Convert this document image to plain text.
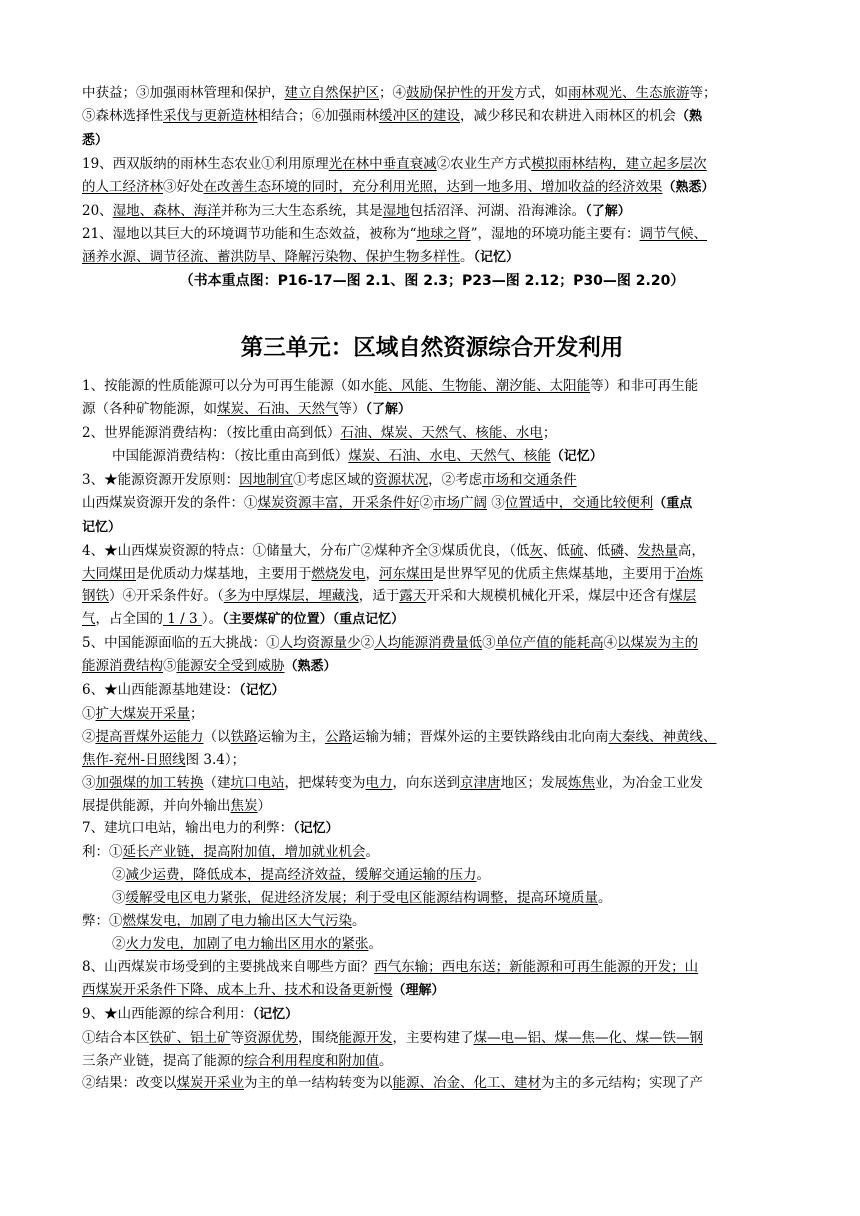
中获益；③加强雨林管理和保护，建立自然保护区；④鼓励保护性的开发方式，如雨林观光、生态旅游等；

⑤森林选择性采伐与更新造林相结合；⑥加强雨林缓冲区的建设，减少移民和农耕进入雨林区的机会（熟

悉）

19、西双版纳的雨林生态农业①利用原理光在林中垂直衰减②农业生产方式模拟雨林结构，建立起多层次

的人工经济林③好处在改善生态环境的同时，充分利用光照，达到一地多用、增加收益的经济效果（熟悉）

20、湿地、森林、海洋并称为三大生态系统，其是湿地包括沼泽、河湖、沿海滩涂。（了解）

21、湿地以其巨大的环境调节功能和生态效益，被称为“地球之肾”，湿地的环境功能主要有：调节气候、

涵养水源、调节径流、蓄洪防旱、降解污染物、保护生物多样性。（记忆）

（书本重点图：P16-17—图 2.1、图 2.3；P23—图 2.12；P30—图 2.20）

第三单元：区域自然资源综合开发利用

1、按能源的性质能源可以分为可再生能源（如水能、风能、生物能、潮汐能、太阳能等）和非可再生能

源（各种矿物能源，如煤炭、石油、天然气等）（了解）

2、世界能源消费结构：（按比重由高到低）石油、煤炭、天然气、核能、水电；

中国能源消费结构：（按比重由高到低）煤炭、石油、水电、天然气、核能（记忆）

3、★能源资源开发原则：因地制宜①考虑区域的资源状况，②考虑市场和交通条件

山西煤炭资源开发的条件：①煤炭资源丰富，开采条件好②市场广阔 ③位置适中，交通比较便利（重点

记忆）

4、★山西煤炭资源的特点：①储量大，分布广②煤种齐全③煤质优良，（低灰、低硫、低磷、发热量高，

大同煤田是优质动力煤基地，主要用于燃烧发电，河东煤田是世界罕见的优质主焦煤基地，主要用于冶炼

钢铁）④开采条件好。（多为中厚煤层，埋藏浅，适于露天开采和大规模机械化开采，煤层中还含有煤层

气，占全国的 1 / 3 ）。（主要煤矿的位置）（重点记忆）

5、中国能源面临的五大挑战：①人均资源量少②人均能源消费量低③单位产值的能耗高④以煤炭为主的

能源消费结构⑤能源安全受到威胁（熟悉）

6、★山西能源基地建设：（记忆）

①扩大煤炭开采量；

②提高晋煤外运能力（以铁路运输为主，公路运输为辅；晋煤外运的主要铁路线由北向南大秦线、神黄线、

焦作-兖州-日照线图 3.4）；

③加强煤的加工转换（建坑口电站，把煤转变为电力，向东送到京津唐地区；发展炼焦业，为冶金工业发

展提供能源，并向外输出焦炭）

7、建坑口电站，输出电力的利弊：（记忆）

利：①延长产业链，提高附加值，增加就业机会。

②减少运费，降低成本，提高经济效益，缓解交通运输的压力。

③缓解受电区电力紧张，促进经济发展；利于受电区能源结构调整，提高环境质量。

弊：①燃煤发电，加剧了电力输出区大气污染。

②火力发电，加剧了电力输出区用水的紧张。

8、山西煤炭市场受到的主要挑战来自哪些方面？西气东输；西电东送；新能源和可再生能源的开发；山

西煤炭开采条件下降、成本上升、技术和设备更新慢（理解）

9、★山西能源的综合利用：（记忆）

①结合本区铁矿、铝土矿等资源优势，围绕能源开发，主要构建了煤—电—铝、煤—焦—化、煤—铁—钢

三条产业链，提高了能源的综合利用程度和附加值。

②结果：改变以煤炭开采业为主的单一结构转变为以能源、冶金、化工、建材为主的多元结构；实现了产
